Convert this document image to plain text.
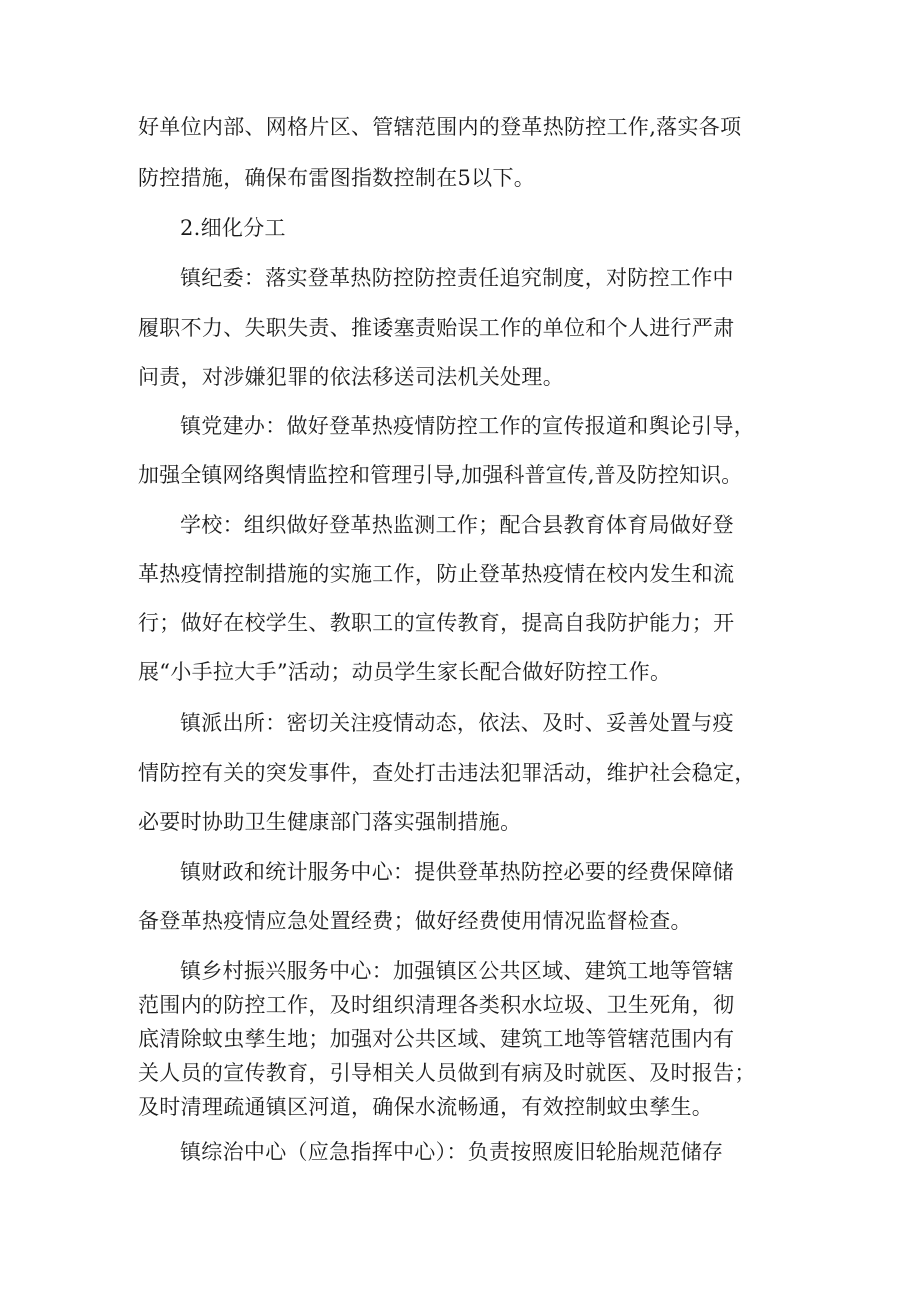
好单位内部、网格片区、管辖范围内的登革热防控工作,落实各项
防控措施，确保布雷图指数控制在5以下。
2.细化分工
镇纪委：落实登革热防控防控责任追究制度，对防控工作中
履职不力、失职失责、推诿塞责贻误工作的单位和个人进行严肃
问责，对涉嫌犯罪的依法移送司法机关处理。
镇党建办：做好登革热疫情防控工作的宣传报道和舆论引导，
加强全镇网络舆情监控和管理引导,加强科普宣传,普及防控知识。
学校：组织做好登革热监测工作；配合县教育体育局做好登
革热疫情控制措施的实施工作，防止登革热疫情在校内发生和流
行；做好在校学生、教职工的宣传教育，提高自我防护能力；开
展“小手拉大手”活动；动员学生家长配合做好防控工作。
镇派出所：密切关注疫情动态，依法、及时、妥善处置与疫
情防控有关的突发事件，查处打击违法犯罪活动，维护社会稳定，
必要时协助卫生健康部门落实强制措施。
镇财政和统计服务中心：提供登革热防控必要的经费保障储
备登革热疫情应急处置经费；做好经费使用情况监督检查。
镇乡村振兴服务中心：加强镇区公共区域、建筑工地等管辖
范围内的防控工作，及时组织清理各类积水垃圾、卫生死角，彻
底清除蚊虫孳生地；加强对公共区域、建筑工地等管辖范围内有
关人员的宣传教育，引导相关人员做到有病及时就医、及时报告；
及时清理疏通镇区河道，确保水流畅通，有效控制蚊虫孳生。
镇综治中心（应急指挥中心）：负责按照废旧轮胎规范储存
